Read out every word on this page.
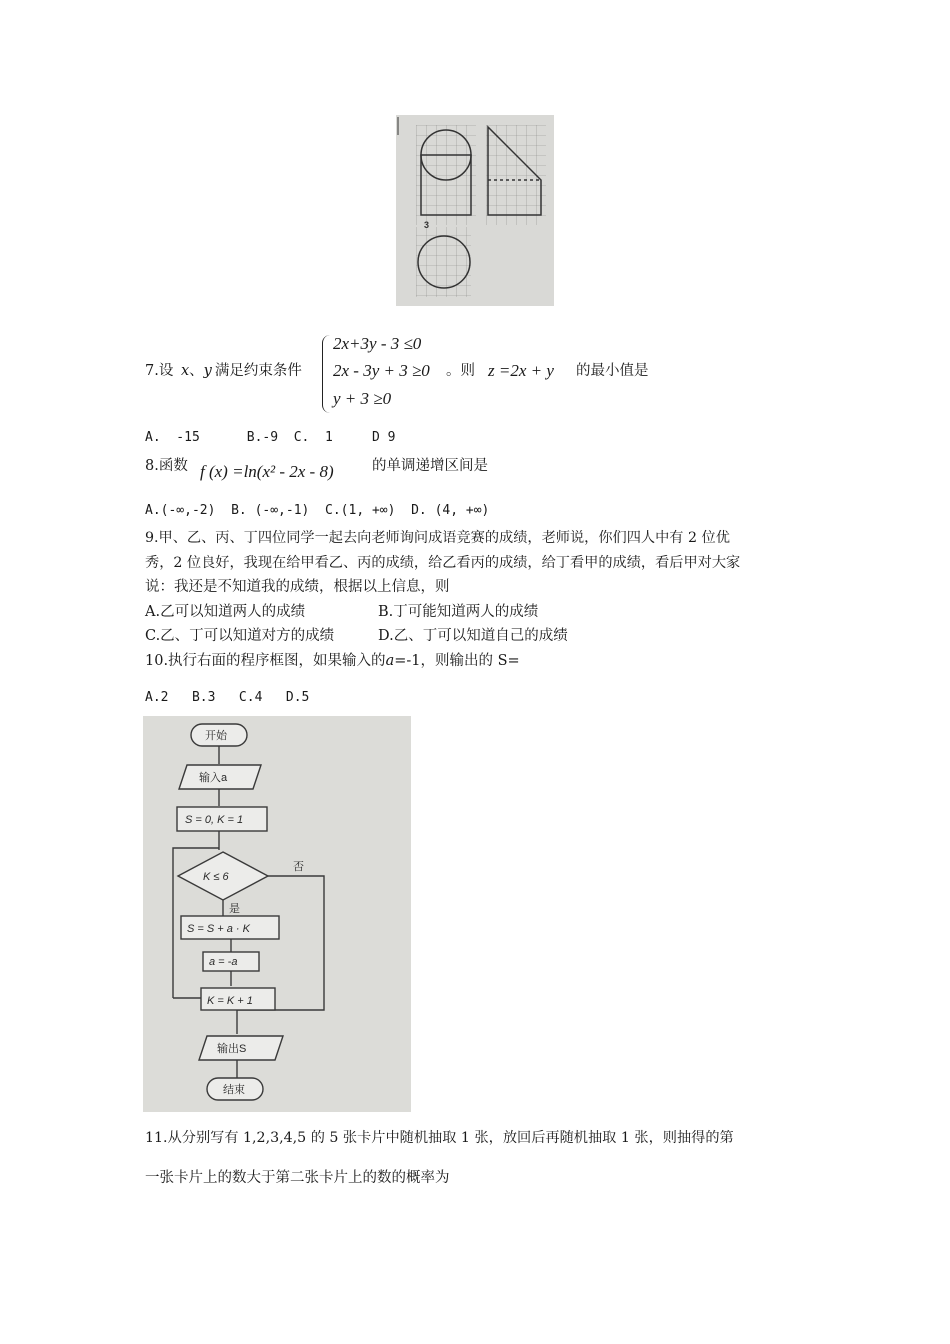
3
7.设 x、y 满足约束条件
2x+3y - 3 ≤0
2x - 3y + 3 ≥0
y + 3 ≥0
。则 z =2x + y 的最小值是
A.  -15      B.-9  C.  1     D 9
8.函数 f (x) =ln(x² - 2x - 8)	的单调递增区间是
A.(-∞,-2)  B. (-∞,-1)  C.(1, +∞)  D. (4, +∞)
9.甲、乙、丙、丁四位同学一起去向老师询问成语竞赛的成绩，老师说，你们四人中有 2 位优
秀，2 位良好，我现在给甲看乙、丙的成绩，给乙看丙的成绩，给丁看甲的成绩，看后甲对大家
说：我还是不知道我的成绩，根据以上信息，则
A.乙可以知道两人的成绩	B.丁可能知道两人的成绩
C.乙、丁可以知道对方的成绩	D.乙、丁可以知道自己的成绩
10.执行右面的程序框图，如果输入的a=-1，则输出的 S=
A.2   B.3   C.4   D.5
开始
输入a
S = 0, K = 1
K ≤ 6
是
否
S = S + a · K
a = -a
K = K + 1
输出S
结束
11.从分别写有 1,2,3,4,5 的 5 张卡片中随机抽取 1 张，放回后再随机抽取 1 张，则抽得的第
一张卡片上的数大于第二张卡片上的数的概率为
